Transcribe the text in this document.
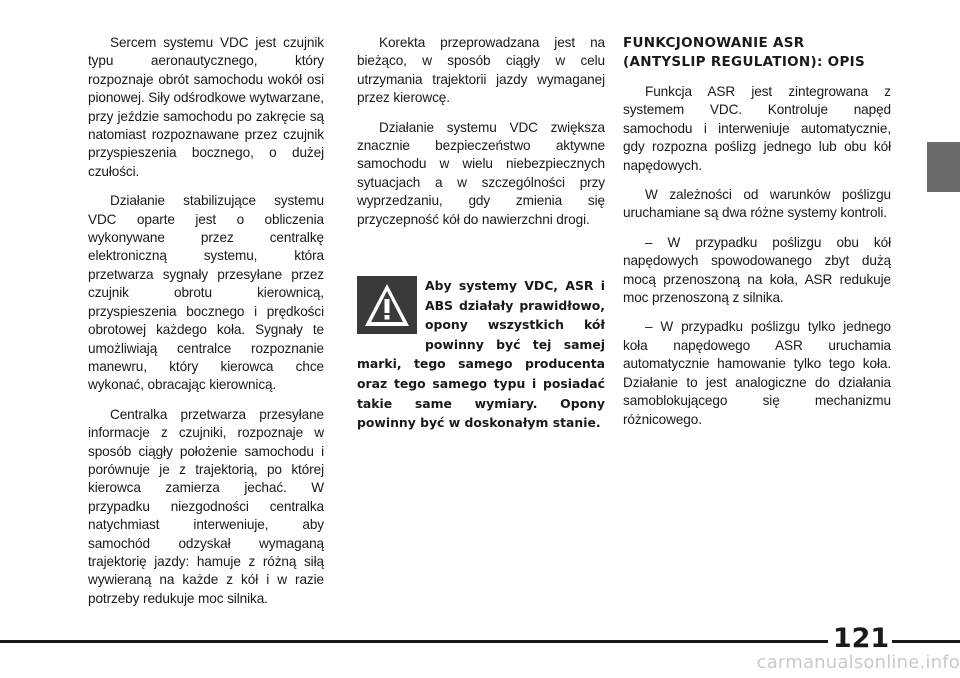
Sercem systemu VDC jest czujnik typu aeronautycznego, który rozpoznaje obrót samochodu wokół osi pionowej. Siły odśrodkowe wytwarzane, przy jeździe samochodu po zakręcie są natomiast rozpoznawane przez czujnik przyspieszenia bocznego, o dużej czułości.

Działanie stabilizujące systemu VDC oparte jest o obliczenia wykonywane przez centralkę elektroniczną systemu, która przetwarza sygnały przesyłane przez czujnik obrotu kierownicą, przyspieszenia bocznego i prędkości obrotowej każdego koła. Sygnały te umożliwiają centralce rozpoznanie manewru, który kierowca chce wykonać, obracając kierownicą.

Centralka przetwarza przesyłane informacje z czujniki, rozpoznaje w sposób ciągły położenie samochodu i porównuje je z trajektorią, po której kierowca zamierza jechać. W przypadku niezgodności centralka natychmiast interweniuje, aby samochód odzyskał wymaganą trajektorię jazdy: hamuje z różną siłą wywieraną na każde z kół i w razie potrzeby redukuje moc silnika.

Korekta przeprowadzana jest na bieżąco, w sposób ciągły w celu utrzymania trajektorii jazdy wymaganej przez kierowcę.

Działanie systemu VDC zwiększa znacznie bezpieczeństwo aktywne samochodu w wielu niebezpiecznych sytuacjach a w szczególności przy wyprzedzaniu, gdy zmienia się przyczepność kół do nawierzchni drogi.

Aby systemy VDC, ASR i ABS działały prawidłowo, opony wszystkich kół powinny być tej samej marki, tego samego producenta oraz tego samego typu i posiadać takie same wymiary. Opony powinny być w doskonałym stanie.

FUNKCJONOWANIE ASR (ANTYSLIP REGULATION): OPIS

Funkcja ASR jest zintegrowana z systemem VDC. Kontroluje napęd samochodu i interweniuje automatycznie, gdy rozpozna poślizg jednego lub obu kół napędowych.

W zależności od warunków poślizgu uruchamiane są dwa różne systemy kontroli.

– W przypadku poślizgu obu kół napędowych spowodowanego zbyt dużą mocą przenoszoną na koła, ASR redukuje moc przenoszoną z silnika.

– W przypadku poślizgu tylko jednego koła napędowego ASR uruchamia automatycznie hamowanie tylko tego koła. Działanie to jest analogiczne do działania samoblokującego się mechanizmu różnicowego.

121
carmanualsonline.info
